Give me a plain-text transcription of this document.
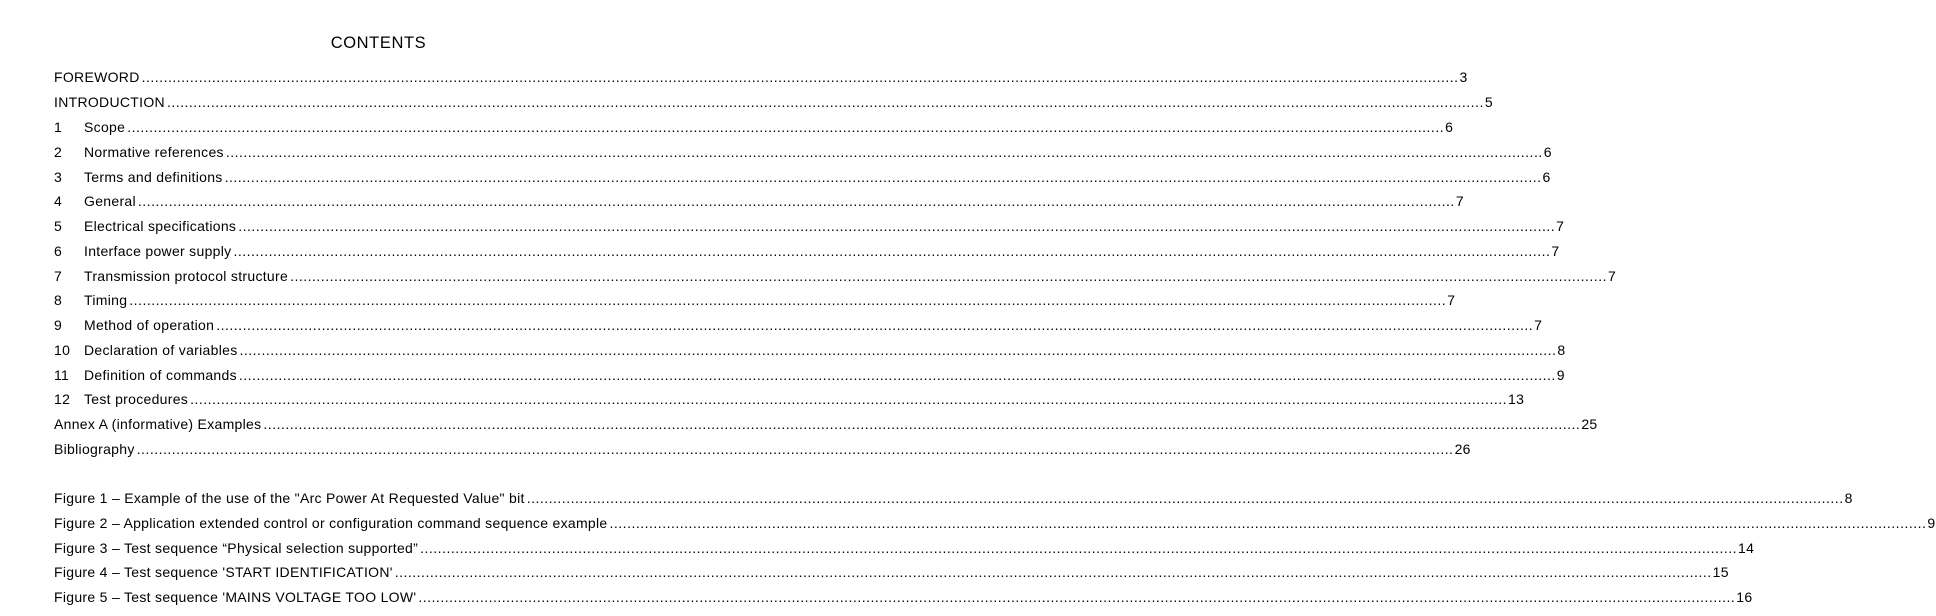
CONTENTS
FOREWORD ............................................................................................................................................................................................................................................................................................................ 3
INTRODUCTION ............................................................................................................................................................................................................................................................................................................ 5
1	Scope ............................................................................................................................................................................................................................................................................................................ 6
2	Normative references ............................................................................................................................................................................................................................................................................................................ 6
3	Terms and definitions ............................................................................................................................................................................................................................................................................................................ 6
4	General ............................................................................................................................................................................................................................................................................................................ 7
5	Electrical specifications ............................................................................................................................................................................................................................................................................................................ 7
6	Interface power supply ............................................................................................................................................................................................................................................................................................................ 7
7	Transmission protocol structure ............................................................................................................................................................................................................................................................................................................ 7
8	Timing ............................................................................................................................................................................................................................................................................................................ 7
9	Method of operation ............................................................................................................................................................................................................................................................................................................ 7
10 Declaration of variables ............................................................................................................................................................................................................................................................................................................ 8
11	Definition of commands ............................................................................................................................................................................................................................................................................................................ 9
12 Test procedures ............................................................................................................................................................................................................................................................................................................ 13
Annex A (informative) Examples ............................................................................................................................................................................................................................................................................................................ 25
Bibliography ............................................................................................................................................................................................................................................................................................................ 26
Figure 1 – Example of the use of the "Arc Power At Requested Value" bit ............................................................................................................................................................................................................................................................................................................ 8
Figure 2 – Application extended control or configuration command sequence example ............................................................................................................................................................................................................................................................................................................ 9
Figure 3 – Test sequence “Physical selection supported” ............................................................................................................................................................................................................................................................................................................ 14
Figure 4 – Test sequence 'START IDENTIFICATION' ............................................................................................................................................................................................................................................................................................................ 15
Figure 5 – Test sequence 'MAINS VOLTAGE TOO LOW' ............................................................................................................................................................................................................................................................................................................ 16
